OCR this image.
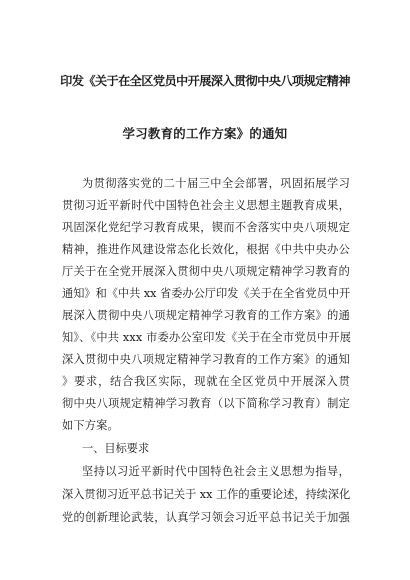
印发《关于在全区党员中开展深入贯彻中央八项规定精神
学习教育的工作方案》的通知
为贯彻落实党的二十届三中全会部署，巩固拓展学习
贯彻习近平新时代中国特色社会主义思想主题教育成果，
巩固深化党纪学习教育成果，锲而不舍落实中央八项规定
精神，推进作风建设常态化长效化，根据《中共中央办公
厅关于在全党开展深入贯彻中央八项规定精神学习教育的
通知》和《中共 xx 省委办公厅印发《关于在全省党员中开
展深入贯彻中央八项规定精神学习教育的工作方案》的通
知》、《中共 xxx 市委办公室印发《关于在全市党员中开展
深入贯彻中央八项规定精神学习教育的工作方案》的通知
》要求，结合我区实际，现就在全区党员中开展深入贯
彻中央八项规定精神学习教育（以下简称学习教育）制定
如下方案。
一、目标要求
坚持以习近平新时代中国特色社会主义思想为指导，
深入贯彻习近平总书记关于 xx 工作的重要论述，持续深化
党的创新理论武装，认真学习领会习近平总书记关于加强
